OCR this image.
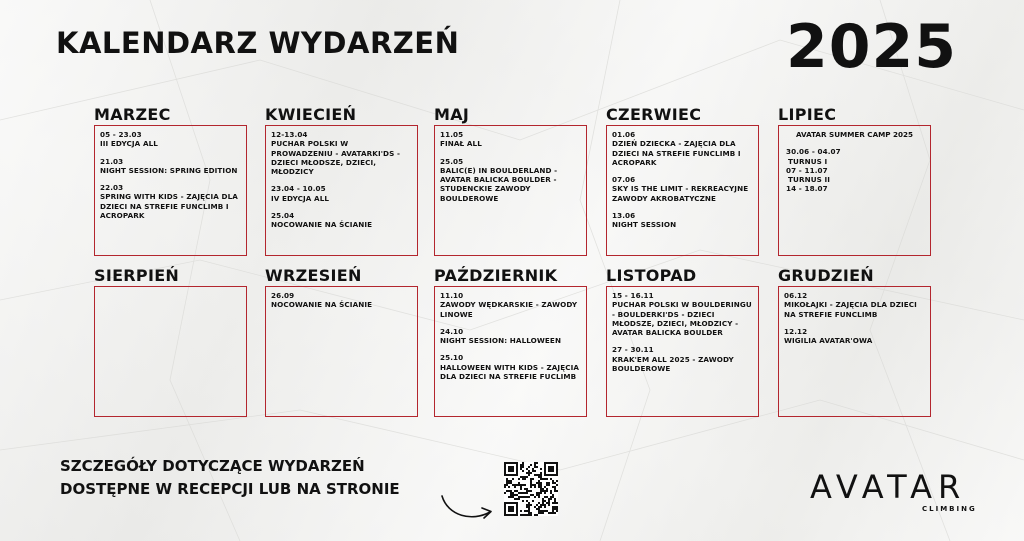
KALENDARZ WYDARZEŃ	2025
MARZEC
05 - 23.03
III EDYCJA ALL
21.03
NIGHT SESSION: SPRING EDITION
22.03
SPRING WITH KIDS - ZAJĘCIA DLA DZIECI NA STREFIE FUNCLIMB I ACROPARK
KWIECIEŃ
12-13.04
PUCHAR POLSKI W PROWADZENIU - AVATARKI'DS - DZIECI MŁODSZE, DZIECI, MŁODZICY
23.04 - 10.05
IV EDYCJA ALL
25.04
NOCOWANIE NA ŚCIANIE
MAJ
11.05
FINAŁ ALL
25.05
BALIC(E) IN BOULDERLAND - AVATAR BALICKA BOULDER - STUDENCKIE ZAWODY BOULDEROWE
CZERWIEC
01.06
DZIEŃ DZIECKA - ZAJĘCIA DLA DZIECI NA STREFIE FUNCLIMB I ACROPARK
07.06
SKY IS THE LIMIT - REKREACYJNE ZAWODY AKROBATYCZNE
13.06
NIGHT SESSION
LIPIEC
AVATAR SUMMER CAMP 2025
30.06 - 04.07
TURNUS I
07 - 11.07
TURNUS II
14 - 18.07
SIERPIEŃ	WRZESIEŃ
26.09
NOCOWANIE NA ŚCIANIE
PAŹDZIERNIK
11.10
ZAWODY WĘDKARSKIE - ZAWODY LINOWE
24.10
NIGHT SESSION: HALLOWEEN
25.10
HALLOWEEN WITH KIDS - ZAJĘCIA DLA DZIECI NA STREFIE FUCLIMB
LISTOPAD
15 - 16.11
PUCHAR POLSKI W BOULDERINGU - BOULDERKI'DS - DZIECI MŁODSZE, DZIECI, MŁODZICY - AVATAR BALICKA BOULDER
27 - 30.11
KRAK'EM ALL 2025 - ZAWODY BOULDEROWE
GRUDZIEŃ
06.12
MIKOŁAJKI - ZAJĘCIA DLA DZIECI NA STREFIE FUNCLIMB
12.12
WIGILIA AVATAR'OWA
SZCZEGÓŁY DOTYCZĄCE WYDARZEŃ
DOSTĘPNE W RECEPCJI LUB NA STRONIE	AVATAR
CLIMBING
